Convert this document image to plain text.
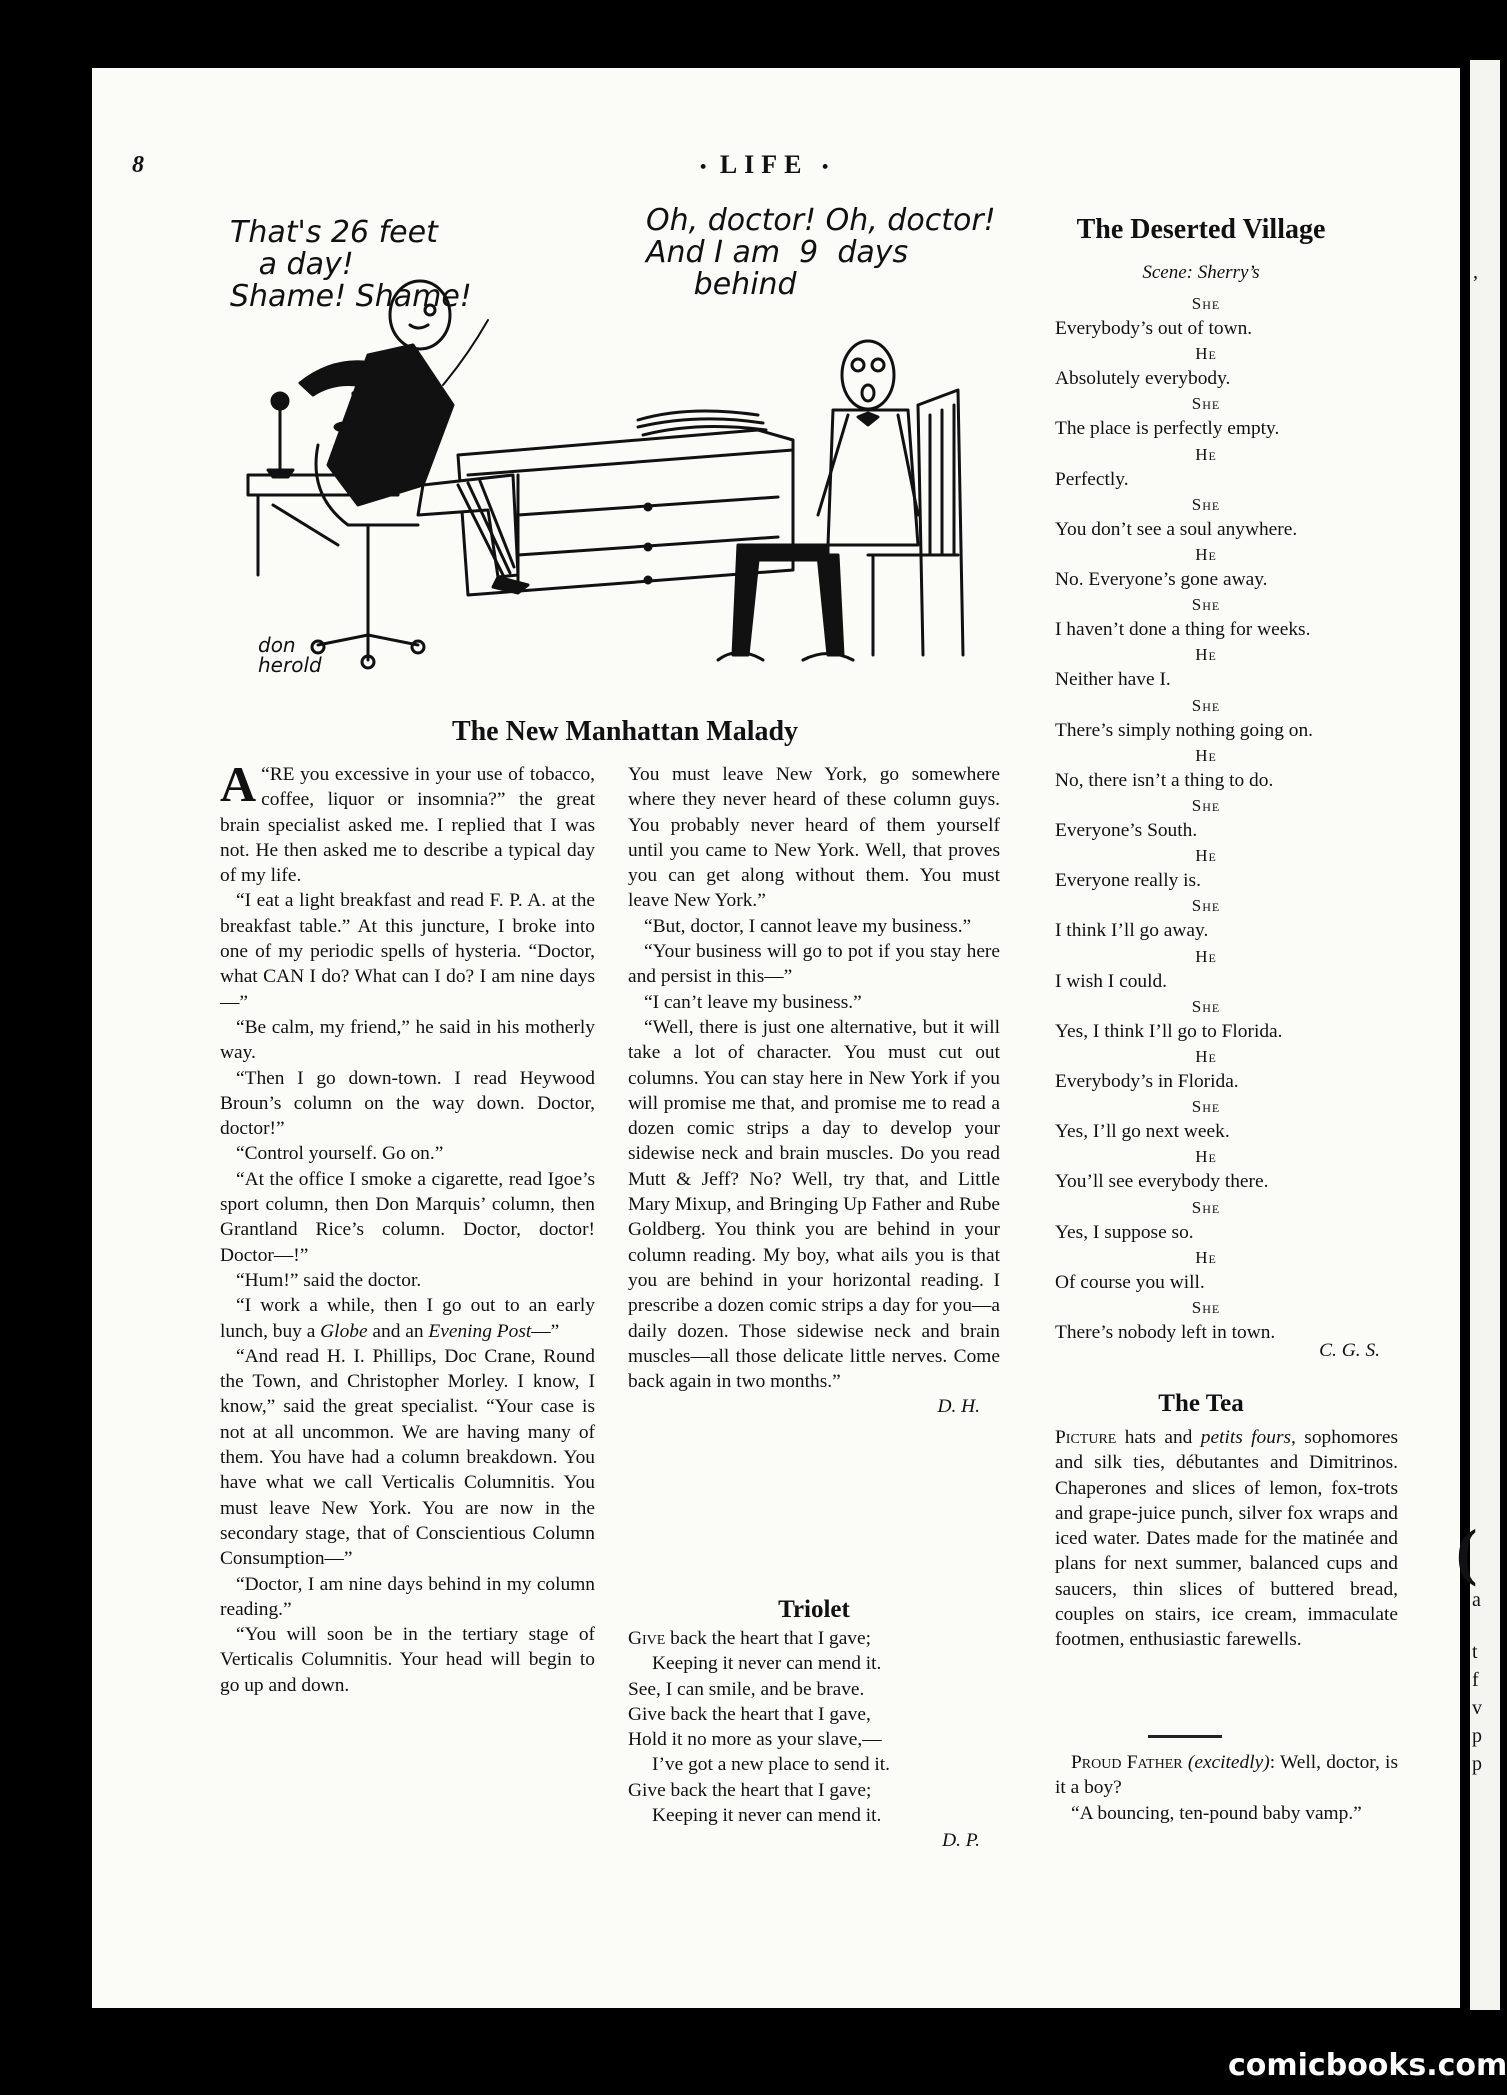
‚
(
a
t
f
v
p
p
8	• LIFE •
That's 26 feet
a day!
Shame! Shame!
Oh, doctor! Oh, doctor!
And I am  9  days
behind
don
herold
The New Manhattan Malady

“
A RE you excessive in your use of tobacco, coffee, liquor or insomnia?” the great brain specialist asked me. I replied that I was not. He then asked me to describe a typical day of my life.

“I eat a light breakfast and read F. P. A. at the breakfast table.” At this juncture, I broke into one of my periodic spells of hysteria. “Doctor, what CAN I do? What can I do? I am nine days—”

“Be calm, my friend,” he said in his motherly way.

“Then I go down-town. I read Heywood Broun’s column on the way down. Doctor, doctor!”

“Control yourself. Go on.”

“At the office I smoke a cigarette, read Igoe’s sport column, then Don Marquis’ column, then Grantland Rice’s column. Doctor, doctor! Doctor—!”

“Hum!” said the doctor.

“I work a while, then I go out to an early lunch, buy a Globe and an Evening Post—”

“And read H. I. Phillips, Doc Crane, Round the Town, and Christopher Morley. I know, I know,” said the great specialist. “Your case is not at all uncommon. We are having many of them. You have had a column breakdown. You have what we call Verticalis Columnitis. You must leave New York. You are now in the secondary stage, that of Conscientious Column Consumption—”

“Doctor, I am nine days behind in my column reading.”

“You will soon be in the tertiary stage of Verticalis Columnitis. Your head will begin to go up and down.

You must leave New York, go somewhere where they never heard of these column guys. You probably never heard of them yourself until you came to New York. Well, that proves you can get along without them. You must leave New York.”

“But, doctor, I cannot leave my business.”

“Your business will go to pot if you stay here and persist in this—”

“I can’t leave my business.”

“Well, there is just one alternative, but it will take a lot of character. You must cut out columns. You can stay here in New York if you will promise me that, and promise me to read a dozen comic strips a day to develop your sidewise neck and brain muscles. Do you read Mutt & Jeff? No? Well, try that, and Little Mary Mixup, and Bringing Up Father and Rube Goldberg. You think you are behind in your column reading. My boy, what ails you is that you are behind in your horizontal reading. I prescribe a dozen comic strips a day for you—a daily dozen. Those sidewise neck and brain muscles—all those delicate little nerves. Come back again in two months.”

D. H.

Triolet

Give back the heart that I gave;

Keeping it never can mend it.

See, I can smile, and be brave.

Give back the heart that I gave,

Hold it no more as your slave,—

I’ve got a new place to send it.

Give back the heart that I gave;

Keeping it never can mend it.

D. P.

The Deserted Village
Scene: Sherry’s
She
Everybody’s out of town.
He
Absolutely everybody.
She
The place is perfectly empty.
He
Perfectly.
She
You don’t see a soul anywhere.
He
No. Everyone’s gone away.
She
I haven’t done a thing for weeks.
He
Neither have I.
She
There’s simply nothing going on.
He
No, there isn’t a thing to do.
She
Everyone’s South.
He
Everyone really is.
She
I think I’ll go away.
He
I wish I could.
She
Yes, I think I’ll go to Florida.
He
Everybody’s in Florida.
She
Yes, I’ll go next week.
He
You’ll see everybody there.
She
Yes, I suppose so.
He
Of course you will.
She
There’s nobody left in town.
C. G. S.
The Tea

Picture hats and petits fours, sophomores and silk ties, débutantes and Dimitrinos. Chaperones and slices of lemon, fox-trots and grape-juice punch, silver fox wraps and iced water. Dates made for the matinée and plans for next summer, balanced cups and saucers, thin slices of buttered bread, couples on stairs, ice cream, immaculate footmen, enthusiastic farewells.

Proud Father (excitedly): Well, doctor, is it a boy?

“A bouncing, ten-pound baby vamp.”

comicbooks.com
